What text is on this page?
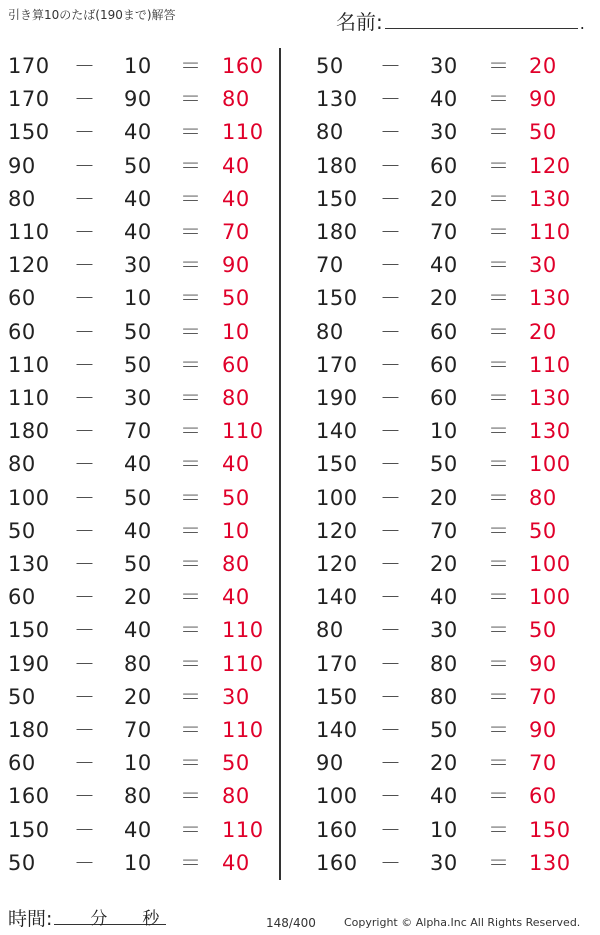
引き算10のたば(190まで)解答	名前:	.
170 － 10 ＝ 160
170 － 90 ＝ 80
150 － 40 ＝ 110
90 － 50 ＝ 40
80 － 40 ＝ 40
110 － 40 ＝ 70
120 － 30 ＝ 90
60 － 10 ＝ 50
60 － 50 ＝ 10
110 － 50 ＝ 60
110 － 30 ＝ 80
180 － 70 ＝ 110
80 － 40 ＝ 40
100 － 50 ＝ 50
50 － 40 ＝ 10
130 － 50 ＝ 80
60 － 20 ＝ 40
150 － 40 ＝ 110
190 － 80 ＝ 110
50 － 20 ＝ 30
180 － 70 ＝ 110
60 － 10 ＝ 50
160 － 80 ＝ 80
150 － 40 ＝ 110
50 － 10 ＝ 40
50 － 30 ＝ 20
130 － 40 ＝ 90
80 － 30 ＝ 50
180 － 60 ＝ 120
150 － 20 ＝ 130
180 － 70 ＝ 110
70 － 40 ＝ 30
150 － 20 ＝ 130
80 － 60 ＝ 20
170 － 60 ＝ 110
190 － 60 ＝ 130
140 － 10 ＝ 130
150 － 50 ＝ 100
100 － 20 ＝ 80
120 － 70 ＝ 50
120 － 20 ＝ 100
140 － 40 ＝ 100
80 － 30 ＝ 50
170 － 80 ＝ 90
150 － 80 ＝ 70
140 － 50 ＝ 90
90 － 20 ＝ 70
100 － 40 ＝ 60
160 － 10 ＝ 150
160 － 30 ＝ 130
時間: 分 秒	148/400	Copyright © Alpha.Inc All Rights Reserved.
